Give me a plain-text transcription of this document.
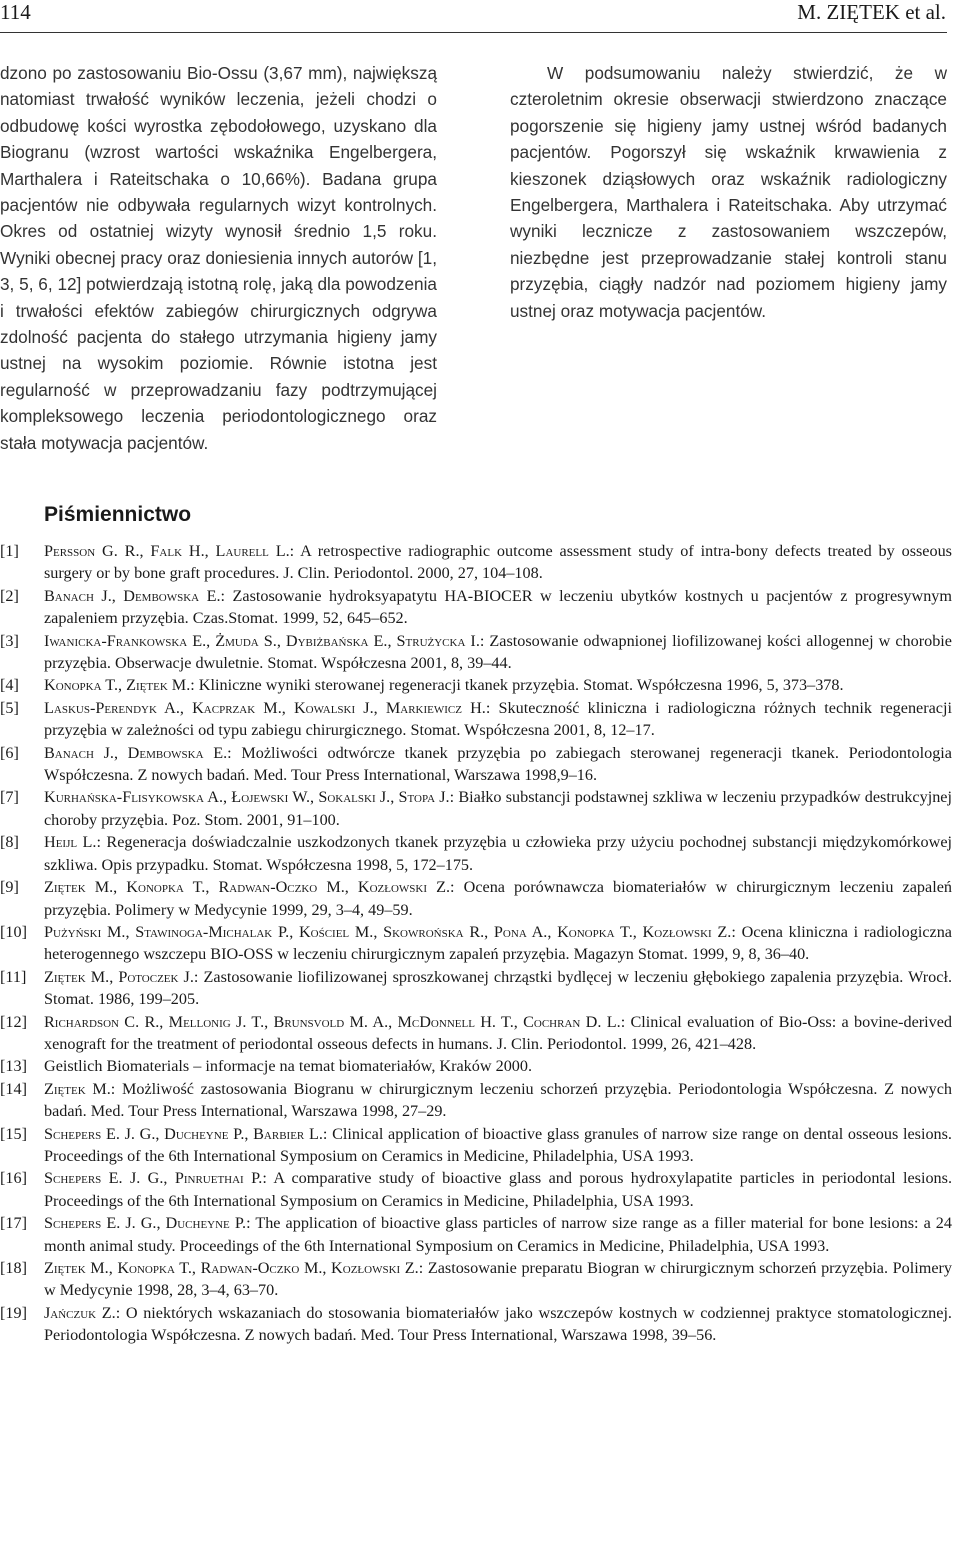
114	M. ZIĘTEK et al.

dzono po zastosowaniu Bio-Ossu (3,67 mm), największą natomiast trwałość wyników leczenia, jeżeli chodzi o odbudowę kości wyrostka zębodołowego, uzyskano dla Biogranu (wzrost wartości wskaźnika Engelbergera, Marthalera i Rateitschaka o 10,66%). Badana grupa pacjentów nie odbywała regularnych wizyt kontrolnych. Okres od ostatniej wizyty wynosił średnio 1,5 roku. Wyniki obecnej pracy oraz doniesienia innych autorów [1, 3, 5, 6, 12] potwierdzają istotną rolę, jaką dla powodzenia i trwałości efektów zabiegów chirurgicznych odgrywa zdolność pacjenta do stałego utrzymania higieny jamy ustnej na wysokim poziomie. Równie istotna jest regularność w przeprowadzaniu fazy podtrzymującej kompleksowego leczenia periodontologicznego oraz stała motywacja pacjentów.

W podsumowaniu należy stwierdzić, że w czteroletnim okresie obserwacji stwierdzono znaczące pogorszenie się higieny jamy ustnej wśród badanych pacjentów. Pogorszył się wskaźnik krwawienia z kieszonek dziąsłowych oraz wskaźnik radiologiczny Engelbergera, Marthalera i Rateitschaka. Aby utrzymać wyniki lecznicze z zastosowaniem wszczepów, niezbędne jest przeprowadzanie stałej kontroli stanu przyzębia, ciągły nadzór nad poziomem higieny jamy ustnej oraz motywacja pacjentów.

Piśmiennictwo
[1] Persson G. R., Falk H., Laurell L.: A retrospective radiographic outcome assessment study of intra-bony defects treated by osseous surgery or by bone graft procedures. J. Clin. Periodontol. 2000, 27, 104–108.
[2] Banach J., Dembowska E.: Zastosowanie hydroksyapatytu HA-BIOCER w leczeniu ubytków kostnych u pacjentów z progresywnym zapaleniem przyzębia. Czas.Stomat. 1999, 52, 645–652.
[3] Iwanicka-Frankowska E., Żmuda S., Dybiżbańska E., Strużycka I.: Zastosowanie odwapnionej liofilizowanej kości allogennej w chorobie przyzębia. Obserwacje dwuletnie. Stomat. Współczesna 2001, 8, 39–44.
[4] Konopka T., Ziętek M.: Kliniczne wyniki sterowanej regeneracji tkanek przyzębia. Stomat. Współczesna 1996, 5, 373–378.
[5] Laskus-Perendyk A., Kacprzak M., Kowalski J., Markiewicz H.: Skuteczność kliniczna i radiologiczna różnych technik regeneracji przyzębia w zależności od typu zabiegu chirurgicznego. Stomat. Współczesna 2001, 8, 12–17.
[6] Banach J., Dembowska E.: Możliwości odtwórcze tkanek przyzębia po zabiegach sterowanej regeneracji tkanek. Periodontologia Współczesna. Z nowych badań. Med. Tour Press International, Warszawa 1998,9–16.
[7] Kurhańska-Flisykowska A., Łojewski W., Sokalski J., Stopa J.: Białko substancji podstawnej szkliwa w leczeniu przypadków destrukcyjnej choroby przyzębia. Poz. Stom. 2001, 91–100.
[8] Heijl L.: Regeneracja doświadczalnie uszkodzonych tkanek przyzębia u człowieka przy użyciu pochodnej substancji międzykomórkowej szkliwa. Opis przypadku. Stomat. Współczesna 1998, 5, 172–175.
[9] Ziętek M., Konopka T., Radwan-Oczko M., Kozłowski Z.: Ocena porównawcza biomateriałów w chirurgicznym leczeniu zapaleń przyzębia. Polimery w Medycynie 1999, 29, 3–4, 49–59.
[10] Pużyński M., Stawinoga-Michalak P., Kościel M., Skowrońska R., Pona A., Konopka T., Kozłowski Z.: Ocena kliniczna i radiologiczna heterogennego wszczepu BIO-OSS w leczeniu chirurgicznym zapaleń przyzębia. Magazyn Stomat. 1999, 9, 8, 36–40.
[11] Ziętek M., Potoczek J.: Zastosowanie liofilizowanej sproszkowanej chrząstki bydlęcej w leczeniu głębokiego zapalenia przyzębia. Wrocł. Stomat. 1986, 199–205.
[12] Richardson C. R., Mellonig J. T., Brunsvold M. A., McDonnell H. T., Cochran D. L.: Clinical evaluation of Bio-Oss: a bovine-derived xenograft for the treatment of periodontal osseous defects in humans. J. Clin. Periodontol. 1999, 26, 421–428.
[13] Geistlich Biomaterials – informacje na temat biomateriałów, Kraków 2000.
[14] Ziętek M.: Możliwość zastosowania Biogranu w chirurgicznym leczeniu schorzeń przyzębia. Periodontologia Współczesna. Z nowych badań. Med. Tour Press International, Warszawa 1998, 27–29.
[15] Schepers E. J. G., Ducheyne P., Barbier L.: Clinical application of bioactive glass granules of narrow size range on dental osseous lesions. Proceedings of the 6th International Symposium on Ceramics in Medicine, Philadelphia, USA 1993.
[16] Schepers E. J. G., Pinruethai P.: A comparative study of bioactive glass and porous hydroxylapatite particles in periodontal lesions. Proceedings of the 6th International Symposium on Ceramics in Medicine, Philadelphia, USA 1993.
[17] Schepers E. J. G., Ducheyne P.: The application of bioactive glass particles of narrow size range as a filler material for bone lesions: a 24 month animal study. Proceedings of the 6th International Symposium on Ceramics in Medicine, Philadelphia, USA 1993.
[18] Ziętek M., Konopka T., Radwan-Oczko M., Kozłowski Z.: Zastosowanie preparatu Biogran w chirurgicznym schorzeń przyzębia. Polimery w Medycynie 1998, 28, 3–4, 63–70.
[19] Jańczuk Z.: O niektórych wskazaniach do stosowania biomateriałów jako wszczepów kostnych w codziennej praktyce stomatologicznej. Periodontologia Współczesna. Z nowych badań. Med. Tour Press International, Warszawa 1998, 39–56.
